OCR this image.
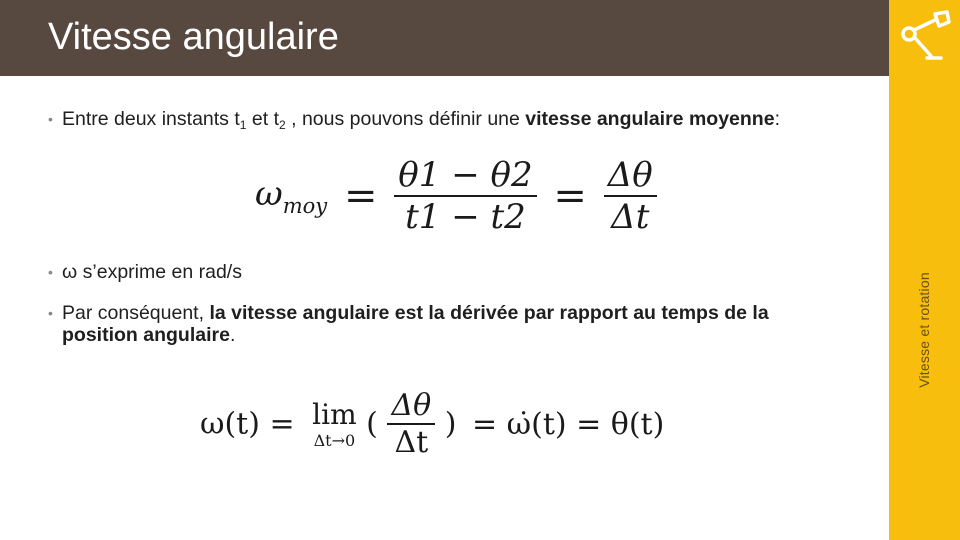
Vitesse angulaire
Vitesse et rotation
• Entre deux instants $t_1$ et $t_2$ , nous pouvons définir une vitesse angulaire moyenne:
$\omega_{moy} = \frac{\theta 1 - \theta 2}{t1 - t2} = \frac{\Delta\theta}{\Delta t}$
• ω s’exprime en rad/s
• Par conséquent, la vitesse angulaire est la dérivée par rapport au temps de la position angulaire.
ω(t) = lim
Δt→0 ( $\frac{\Delta\theta}{\Delta t}$ ) = ω̇(t) = θ(t)
